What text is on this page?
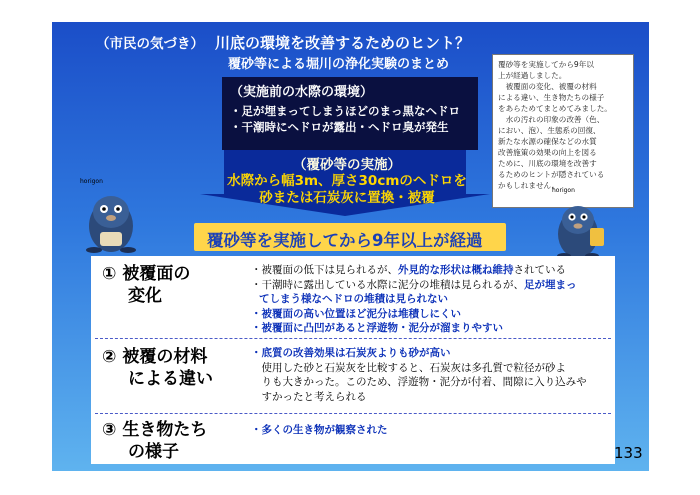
（市民の気づき） 川底の環境を改善するためのヒント？
覆砂等による堀川の浄化実験のまとめ	覆砂等を実施してから9年以
上が経過しました。
　被覆面の変化、被覆の材料
による違い、生き物たちの様子
をあらためてまとめてみました。
　水の汚れの印象の改善（色、
におい、泡）、生態系の回復、
新たな水源の確保などの水質
改善施策の効果の向上を図る
ために、川底の環境を改善す
るためのヒントが隠されている
かもしれません。

（実施前の水際の環境）
・足が埋まってしまうほどのまっ黒なヘドロ
・干潮時にヘドロが露出・ヘドロ臭が発生
（覆砂等の実施）
水際から幅3m、厚さ30cmのヘドロを
砂または石炭灰に置換・被覆
覆砂等を実施してから9年以上が経過
horigon
horigon
① 被覆面の
変化
・被覆面の低下は見られるが、外見的な形状は概ね維持されている
・干潮時に露出している水際に泥分の堆積は見られるが、足が埋まっ
てしまう様なヘドロの堆積は見られない
・被覆面の高い位置ほど泥分は堆積しにくい
・被覆面に凸凹があると浮遊物・泥分が溜まりやすい
② 被覆の材料
による違い
・底質の改善効果は石炭灰よりも砂が高い
　使用した砂と石炭灰を比較すると、石炭灰は多孔質で粒径が砂よ
　りも大きかった。このため、浮遊物・泥分が付着、間隙に入り込みや
　すかったと考えられる
③ 生き物たち
の様子
・多くの生き物が観察された
133
